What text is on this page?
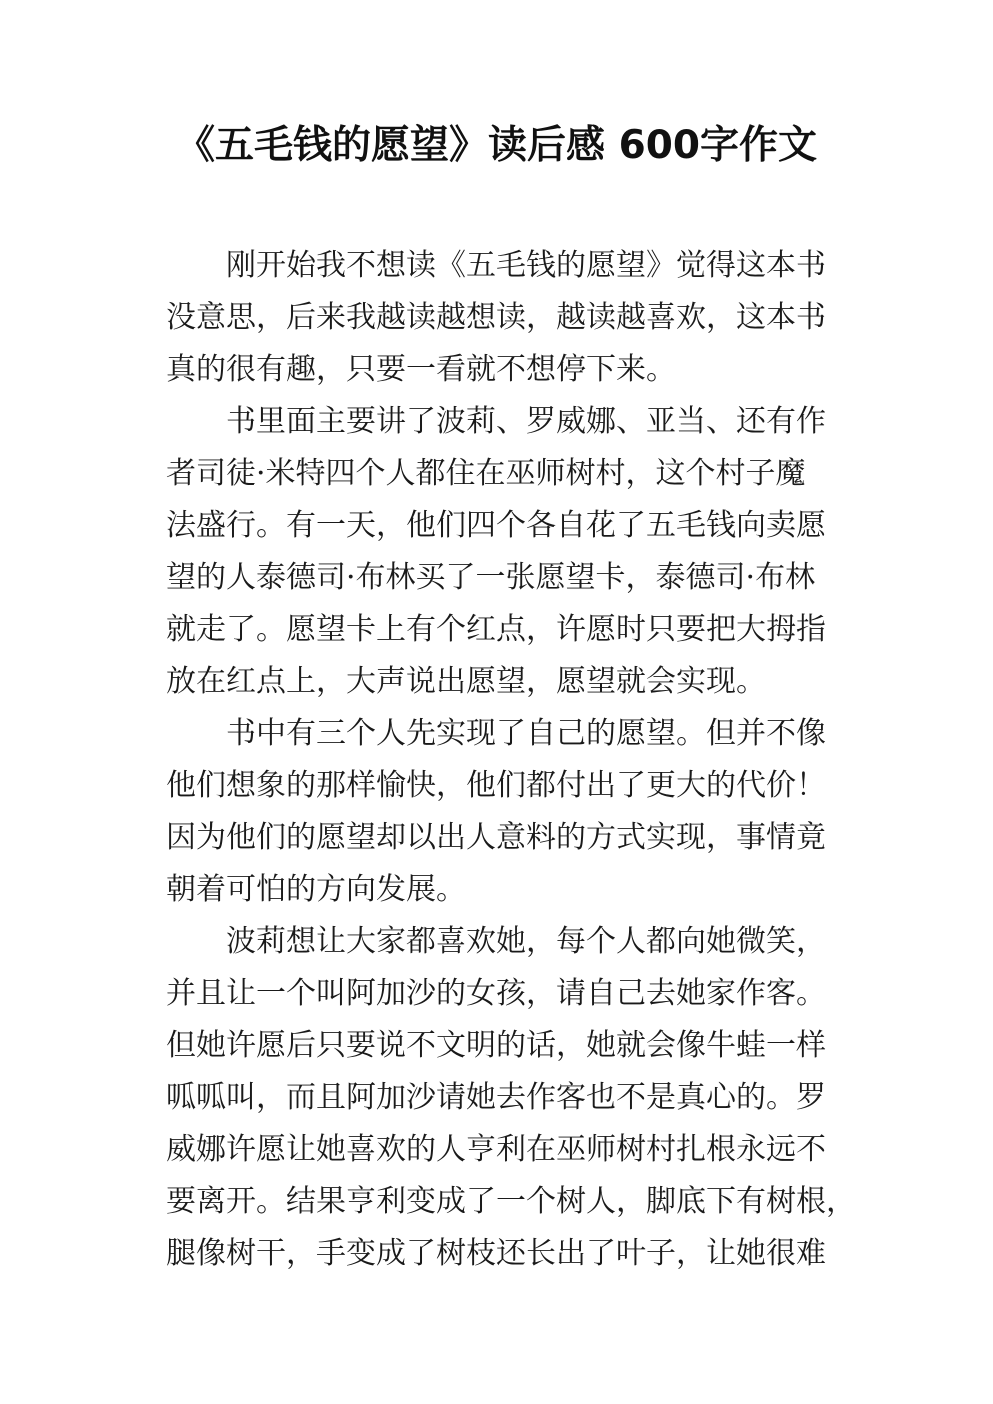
《五毛钱的愿望》读后感 600字作文
刚开始我不想读《五毛钱的愿望》觉得这本书
没意思，后来我越读越想读，越读越喜欢，这本书
真的很有趣，只要一看就不想停下来。
书里面主要讲了波莉、罗威娜、亚当、还有作
者司徒·米特四个人都住在巫师树村，这个村子魔
法盛行。有一天，他们四个各自花了五毛钱向卖愿
望的人泰德司·布林买了一张愿望卡，泰德司·布林
就走了。愿望卡上有个红点，许愿时只要把大拇指
放在红点上，大声说出愿望，愿望就会实现。
书中有三个人先实现了自己的愿望。但并不像
他们想象的那样愉快，他们都付出了更大的代价！
因为他们的愿望却以出人意料的方式实现，事情竟
朝着可怕的方向发展。
波莉想让大家都喜欢她，每个人都向她微笑，
并且让一个叫阿加沙的女孩，请自己去她家作客。
但她许愿后只要说不文明的话，她就会像牛蛙一样
呱呱叫，而且阿加沙请她去作客也不是真心的。罗
威娜许愿让她喜欢的人亨利在巫师树村扎根永远不
要离开。结果亨利变成了一个树人，脚底下有树根，
腿像树干，手变成了树枝还长出了叶子，让她很难
